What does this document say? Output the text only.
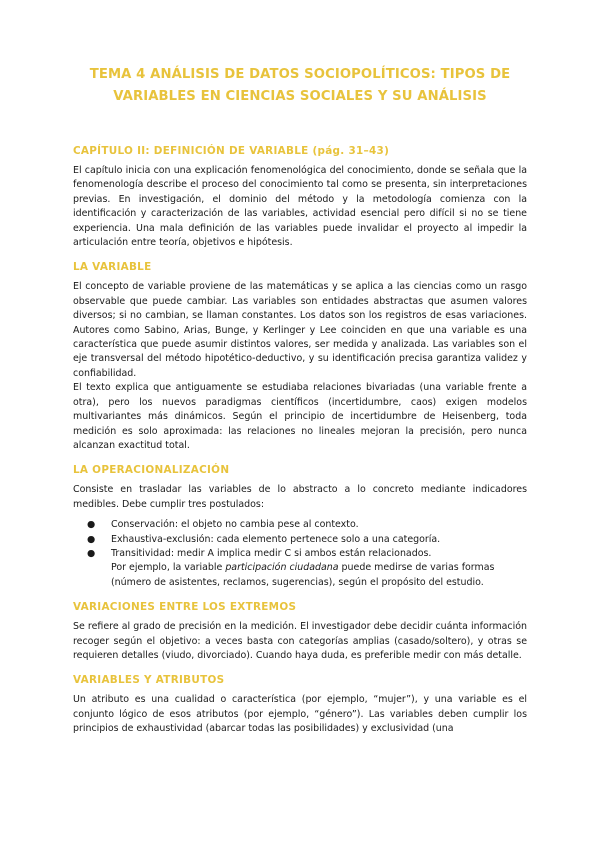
TEMA 4 ANÁLISIS DE DATOS SOCIOPOLÍTICOS: TIPOS DE VARIABLES EN CIENCIAS SOCIALES Y SU ANÁLISIS
CAPÍTULO II: DEFINICIÓN DE VARIABLE (pág. 31–43)

El capítulo inicia con una explicación fenomenológica del conocimiento, donde se señala que la fenomenología describe el proceso del conocimiento tal como se presenta, sin interpretaciones previas. En investigación, el dominio del método y la metodología comienza con la identificación y caracterización de las variables, actividad esencial pero difícil si no se tiene experiencia. Una mala definición de las variables puede invalidar el proyecto al impedir la articulación entre teoría, objetivos e hipótesis.

LA VARIABLE

El concepto de variable proviene de las matemáticas y se aplica a las ciencias como un rasgo observable que puede cambiar. Las variables son entidades abstractas que asumen valores diversos; si no cambian, se llaman constantes. Los datos son los registros de esas variaciones. Autores como Sabino, Arias, Bunge, y Kerlinger y Lee coinciden en que una variable es una característica que puede asumir distintos valores, ser medida y analizada. Las variables son el eje transversal del método hipotético-deductivo, y su identificación precisa garantiza validez y confiabilidad.

El texto explica que antiguamente se estudiaba relaciones bivariadas (una variable frente a otra), pero los nuevos paradigmas científicos (incertidumbre, caos) exigen modelos multivariantes más dinámicos. Según el principio de incertidumbre de Heisenberg, toda medición es solo aproximada: las relaciones no lineales mejoran la precisión, pero nunca alcanzan exactitud total.

LA OPERACIONALIZACIÓN

Consiste en trasladar las variables de lo abstracto a lo concreto mediante indicadores medibles. Debe cumplir tres postulados:

● Conservación: el objeto no cambia pese al contexto.
● Exhaustiva-exclusión: cada elemento pertenece solo a una categoría.
● Transitividad: medir A implica medir C si ambos están relacionados.

Por ejemplo, la variable participación ciudadana puede medirse de varias formas (número de asistentes, reclamos, sugerencias), según el propósito del estudio.

VARIACIONES ENTRE LOS EXTREMOS

Se refiere al grado de precisión en la medición. El investigador debe decidir cuánta información recoger según el objetivo: a veces basta con categorías amplias (casado/soltero), y otras se requieren detalles (viudo, divorciado). Cuando haya duda, es preferible medir con más detalle.

VARIABLES Y ATRIBUTOS

Un atributo es una cualidad o característica (por ejemplo, “mujer”), y una variable es el conjunto lógico de esos atributos (por ejemplo, “género”). Las variables deben cumplir los principios de exhaustividad (abarcar todas las posibilidades) y exclusividad (una
